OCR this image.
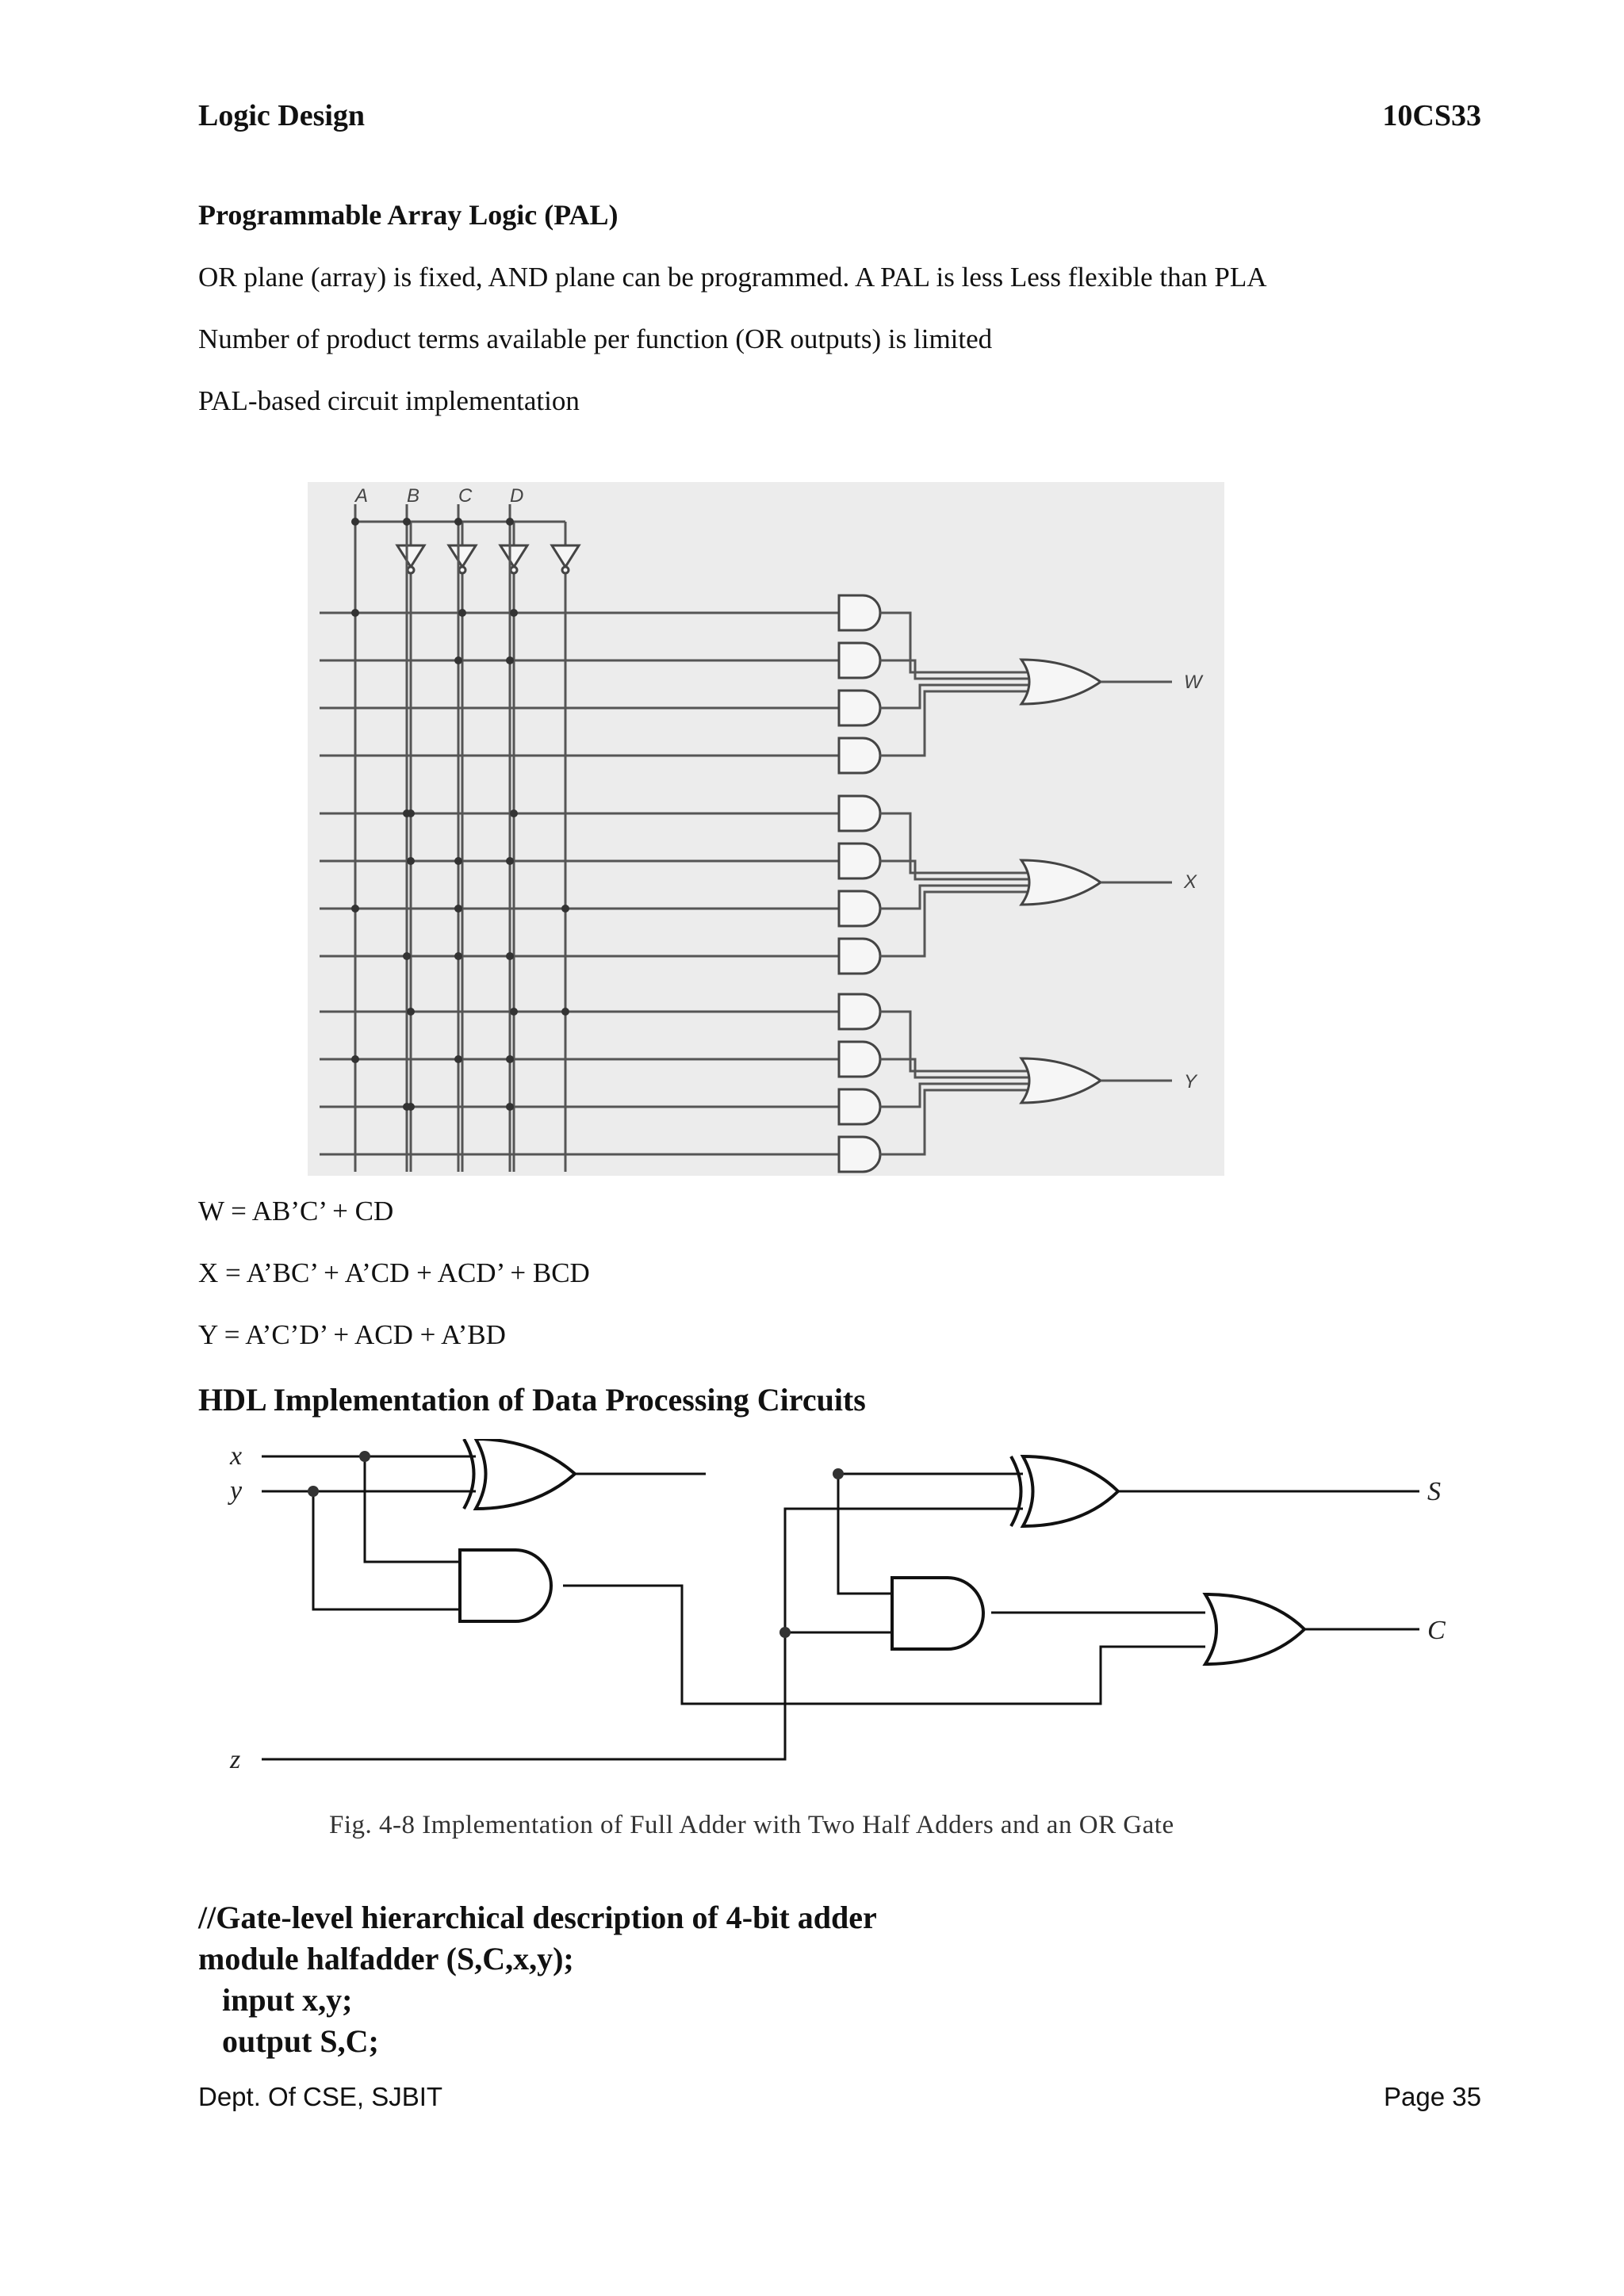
Logic Design	10CS33
Programmable Array Logic (PAL)
OR plane (array) is fixed, AND plane can be programmed. A PAL is less Less flexible than PLA
Number of product terms available per function (OR outputs) is limited
PAL-based circuit implementation
A B C D
W
X
Y
W = AB’C’ + CD
X = A’BC’ + A’CD + ACD’ + BCD
Y = A’C’D’ + ACD + A’BD
HDL Implementation of Data Processing Circuits
x
y
z
S
C
Fig. 4-8 Implementation of Full Adder with Two Half Adders and an OR Gate
//Gate-level hierarchical description of 4-bit adder
module halfadder (S,C,x,y);
input x,y;
output S,C;
Dept. Of CSE, SJBIT	Page 35
